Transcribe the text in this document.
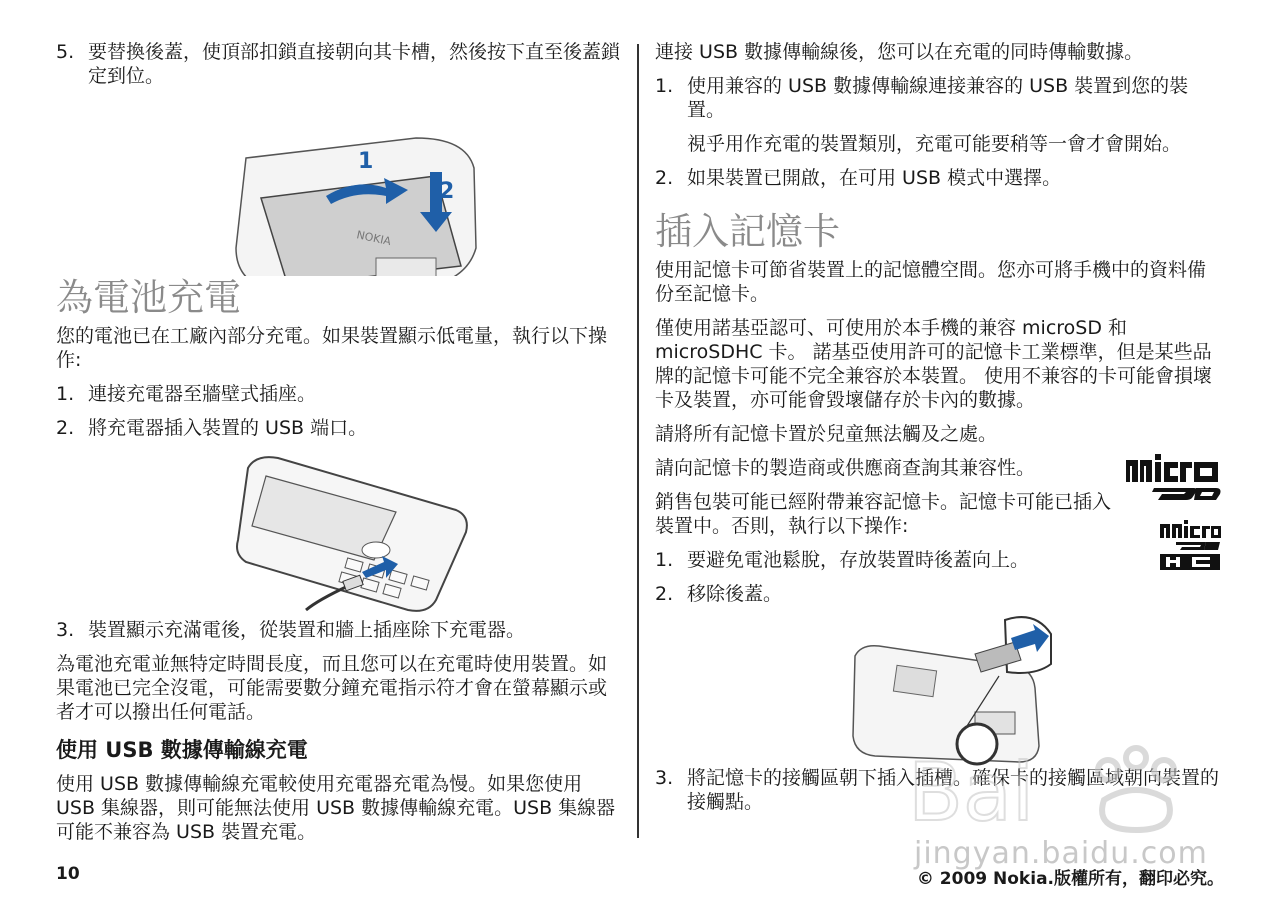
5. 要替換後蓋，使頂部扣鎖直接朝向其卡槽，然後按下直至後蓋鎖定到位。
NOKIA
1
2
為電池充電

您的電池已在工廠內部分充電。如果裝置顯示低電量，執行以下操作:

1. 連接充電器至牆壁式插座。
2. 將充電器插入裝置的 USB 端口。
3. 裝置顯示充滿電後，從裝置和牆上插座除下充電器。

為電池充電並無特定時間長度，而且您可以在充電時使用裝置。如果電池已完全沒電，可能需要數分鐘充電指示符才會在螢幕顯示或者才可以撥出任何電話。

使用 USB 數據傳輸線充電

使用 USB 數據傳輸線充電較使用充電器充電為慢。如果您使用 USB 集線器，則可能無法使用 USB 數據傳輸線充電。USB 集線器可能不兼容為 USB 裝置充電。

連接 USB 數據傳輸線後，您可以在充電的同時傳輸數據。

1. 使用兼容的 USB 數據傳輸線連接兼容的 USB 裝置到您的裝置。

視乎用作充電的裝置類別，充電可能要稍等一會才會開始。

2. 如果裝置已開啟，在可用 USB 模式中選擇。
插入記憶卡

使用記憶卡可節省裝置上的記憶體空間。您亦可將手機中的資料備份至記憶卡。

僅使用諾基亞認可、可使用於本手機的兼容 microSD 和 microSDHC 卡。 諾基亞使用許可的記憶卡工業標準，但是某些品牌的記憶卡可能不完全兼容於本裝置。 使用不兼容的卡可能會損壞卡及裝置，亦可能會毀壞儲存於卡內的數據。

請將所有記憶卡置於兒童無法觸及之處。

請向記憶卡的製造商或供應商查詢其兼容性。

銷售包裝可能已經附帶兼容記憶卡。記憶卡可能已插入裝置中。否則，執行以下操作:

1. 要避免電池鬆脫，存放裝置時後蓋向上。
2. 移除後蓋。
3. 將記憶卡的接觸區朝下插入插槽。確保卡的接觸區域朝向裝置的接觸點。	Bai
jingyan.baidu.com
10	© 2009 Nokia.版權所有，翻印必究。
